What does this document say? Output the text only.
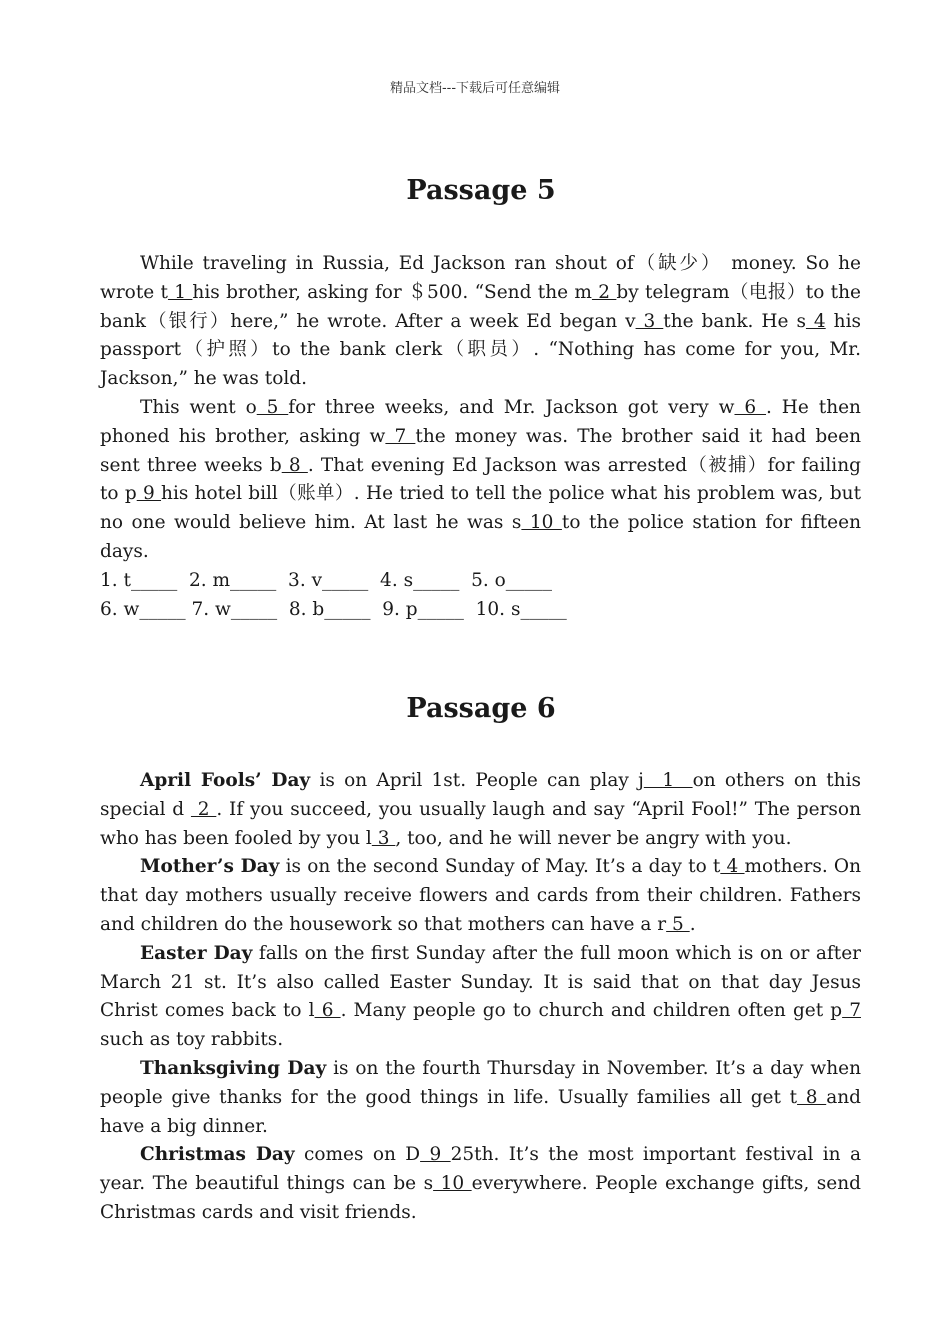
精品文档---下载后可任意编辑
Passage 5

While traveling in Russia, Ed Jackson ran shout of（缺少） money. So he wrote t 1 his brother, asking for ＄500. “Send the m 2 by telegram（电报）to the bank（银行）here,” he wrote. After a week Ed began v 3 the bank. He s 4 his passport（护照）to the bank clerk（职员）. “Nothing has come for you, Mr. Jackson,” he was told.

This went o 5 for three weeks, and Mr. Jackson got very w 6 . He then phoned his brother, asking w 7 the money was. The brother said it had been sent three weeks b 8 . That evening Ed Jackson was arrested（被捕）for failing to p 9 his hotel bill（账单）. He tried to tell the police what his problem was, but no one would believe him. At last he was s 10 to the police station for fifteen days.

1. t_____  2. m_____  3. v_____  4. s_____  5. o_____

6. w_____ 7. w_____  8. b_____  9. p_____  10. s_____

Passage 6

April Fools’ Day is on April 1st. People can play j  1  on others on this special d  2 . If you succeed, you usually laugh and say “April Fool!” The person who has been fooled by you l 3 , too, and he will never be angry with you.

Mother’s Day is on the second Sunday of May. It’s a day to t 4 mothers. On that day mothers usually receive flowers and cards from their children. Fathers and children do the housework so that mothers can have a r 5 .

Easter Day falls on the first Sunday after the full moon which is on or after March 21 st. It’s also called Easter Sunday. It is said that on that day Jesus Christ comes back to l 6 . Many people go to church and children often get p 7 such as toy rabbits.

Thanksgiving Day is on the fourth Thursday in November. It’s a day when people give thanks for the good things in life. Usually families all get t 8 and have a big dinner.

Christmas Day comes on D 9 25th. It’s the most important festival in a year. The beautiful things can be s 10 everywhere. People exchange gifts, send Christmas cards and visit friends.
